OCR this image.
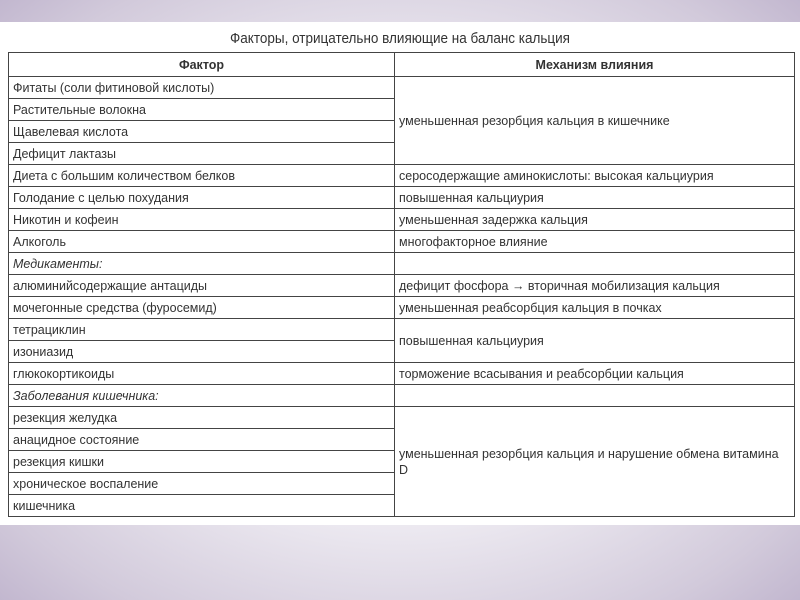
Факторы, отрицательно влияющие на баланс кальция
Фактор	Механизм влияния
Фитаты (соли фитиновой кислоты)	уменьшенная резорбция кальция в кишечнике
Растительные волокна	
Щавелевая кислота	
Дефицит лактазы	
Диета с большим количеством белков	серосодержащие аминокислоты: высокая кальциурия
Голодание с целью похудания	повышенная кальциурия
Никотин и кофеин	уменьшенная задержка кальция
Алкоголь	многофакторное влияние
Медикаменты:	
алюминийсодержащие антациды	дефицит фосфора → вторичная мобилизация кальция
мочегонные средства (фуросемид)	уменьшенная реабсорбция кальция в почках
тетрациклин	повышенная кальциурия
изониазид	
глюкокортикоиды	торможение всасывания и реабсорбции кальция
Заболевания кишечника:	
резекция желудка	уменьшенная резорбция кальция и нарушение обмена витамина D
анацидное состояние	
резекция кишки	
хроническое воспаление	
кишечника	
